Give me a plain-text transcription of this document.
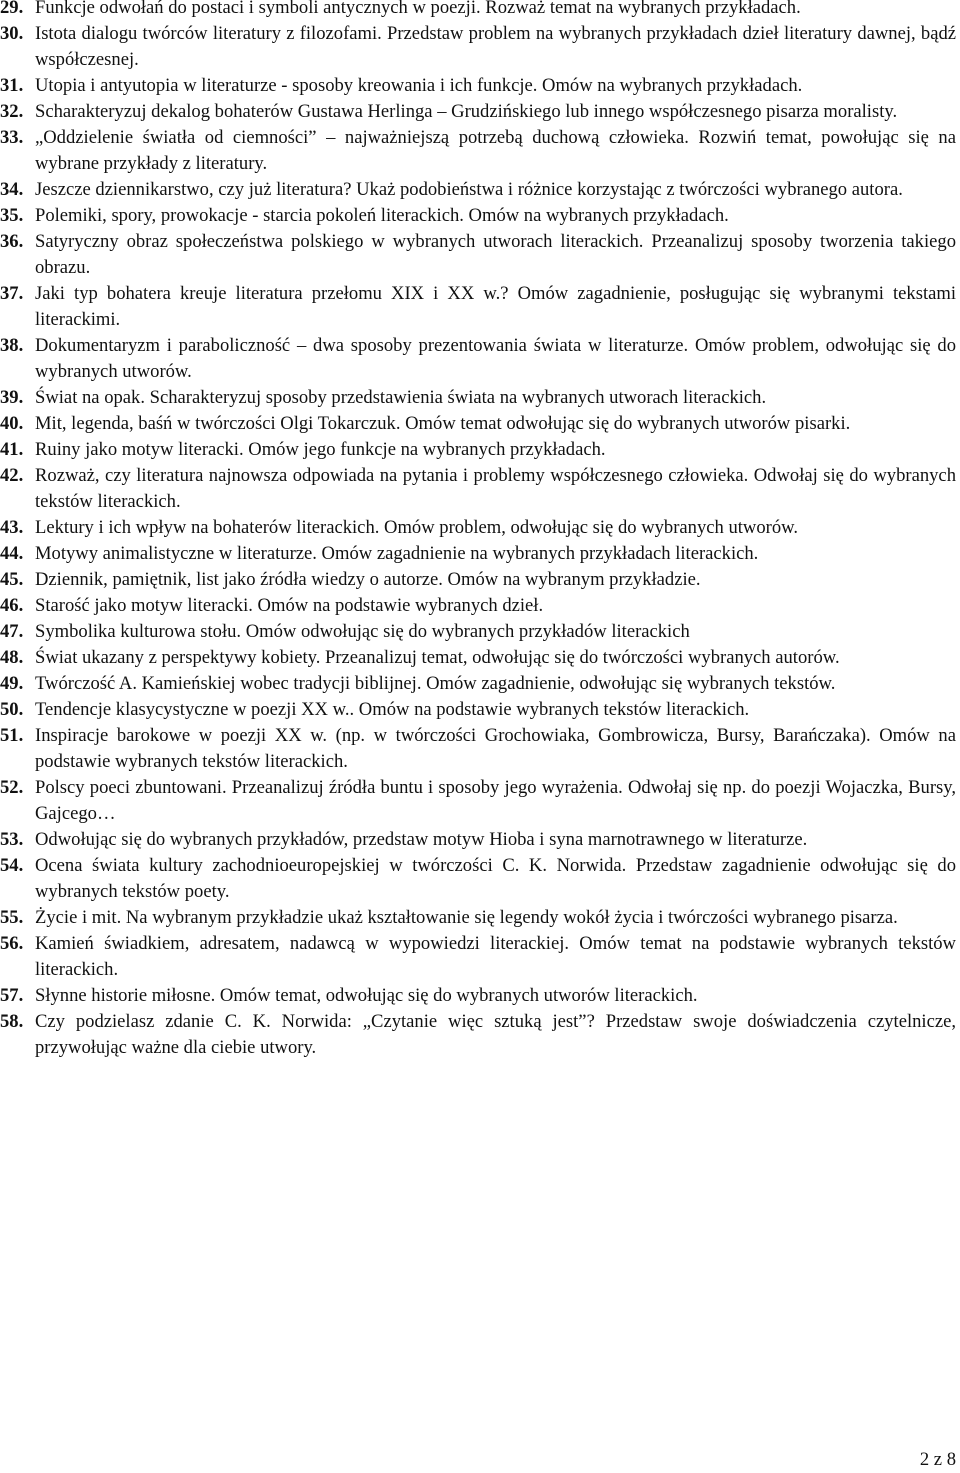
29. Funkcje odwołań do postaci i symboli antycznych w poezji. Rozważ temat na wybranych przykładach.
30. Istota dialogu twórców literatury z filozofami. Przedstaw problem na wybranych przykładach dzieł literatury dawnej, bądź współczesnej.
31. Utopia i antyutopia w literaturze - sposoby kreowania i ich funkcje. Omów na wybranych przykładach.
32. Scharakteryzuj dekalog bohaterów Gustawa Herlinga – Grudzińskiego lub innego współczesnego pisarza moralisty.
33. „Oddzielenie światła od ciemności” – najważniejszą potrzebą duchową człowieka. Rozwiń temat, powołując się na wybrane przykłady z literatury.
34. Jeszcze dziennikarstwo, czy już literatura? Ukaż podobieństwa i różnice korzystając z twórczości wybranego autora.
35. Polemiki, spory, prowokacje - starcia pokoleń literackich. Omów na wybranych przykładach.
36. Satyryczny obraz społeczeństwa polskiego w wybranych utworach literackich. Przeanalizuj sposoby tworzenia takiego obrazu.
37. Jaki typ bohatera kreuje literatura przełomu XIX i XX w.? Omów zagadnienie, posługując się wybranymi tekstami literackimi.
38. Dokumentaryzm i paraboliczność – dwa sposoby prezentowania świata w literaturze. Omów problem, odwołując się do wybranych utworów.
39. Świat na opak. Scharakteryzuj sposoby przedstawienia świata na wybranych utworach literackich.
40. Mit, legenda, baśń w twórczości Olgi Tokarczuk. Omów temat odwołując się do wybranych utworów pisarki.
41. Ruiny jako motyw literacki. Omów jego funkcje na wybranych przykładach.
42. Rozważ, czy literatura najnowsza odpowiada na pytania i problemy współczesnego człowieka. Odwołaj się do wybranych tekstów literackich.
43. Lektury i ich wpływ na bohaterów literackich. Omów problem, odwołując się do wybranych utworów.
44. Motywy animalistyczne w literaturze. Omów zagadnienie na wybranych przykładach literackich.
45. Dziennik, pamiętnik, list jako źródła wiedzy o autorze. Omów na wybranym przykładzie.
46. Starość jako motyw literacki. Omów na podstawie wybranych dzieł.
47. Symbolika kulturowa stołu. Omów odwołując się do wybranych przykładów literackich
48. Świat ukazany z perspektywy kobiety. Przeanalizuj temat, odwołując się do twórczości wybranych autorów.
49. Twórczość A. Kamieńskiej wobec tradycji biblijnej. Omów zagadnienie, odwołując się wybranych tekstów.
50. Tendencje klasycystyczne w poezji XX w.. Omów na podstawie wybranych tekstów literackich.
51. Inspiracje barokowe w poezji XX w. (np. w twórczości Grochowiaka, Gombrowicza, Bursy, Barańczaka). Omów na podstawie wybranych tekstów literackich.
52. Polscy poeci zbuntowani. Przeanalizuj źródła buntu i sposoby jego wyrażenia. Odwołaj się np. do poezji Wojaczka, Bursy, Gajcego…
53. Odwołując się do wybranych przykładów, przedstaw motyw Hioba i syna marnotrawnego w literaturze.
54. Ocena świata kultury zachodnioeuropejskiej w twórczości C. K. Norwida. Przedstaw zagadnienie odwołując się do wybranych tekstów poety.
55. Życie i mit. Na wybranym przykładzie ukaż kształtowanie się legendy wokół życia i twórczości wybranego pisarza.
56. Kamień świadkiem, adresatem, nadawcą w wypowiedzi literackiej. Omów temat na podstawie wybranych tekstów literackich.
57. Słynne historie miłosne. Omów temat, odwołując się do wybranych utworów literackich.
58. Czy podzielasz zdanie C. K. Norwida: „Czytanie więc sztuką jest”? Przedstaw swoje doświadczenia czytelnicze, przywołując ważne dla ciebie utwory.
2 z 8
